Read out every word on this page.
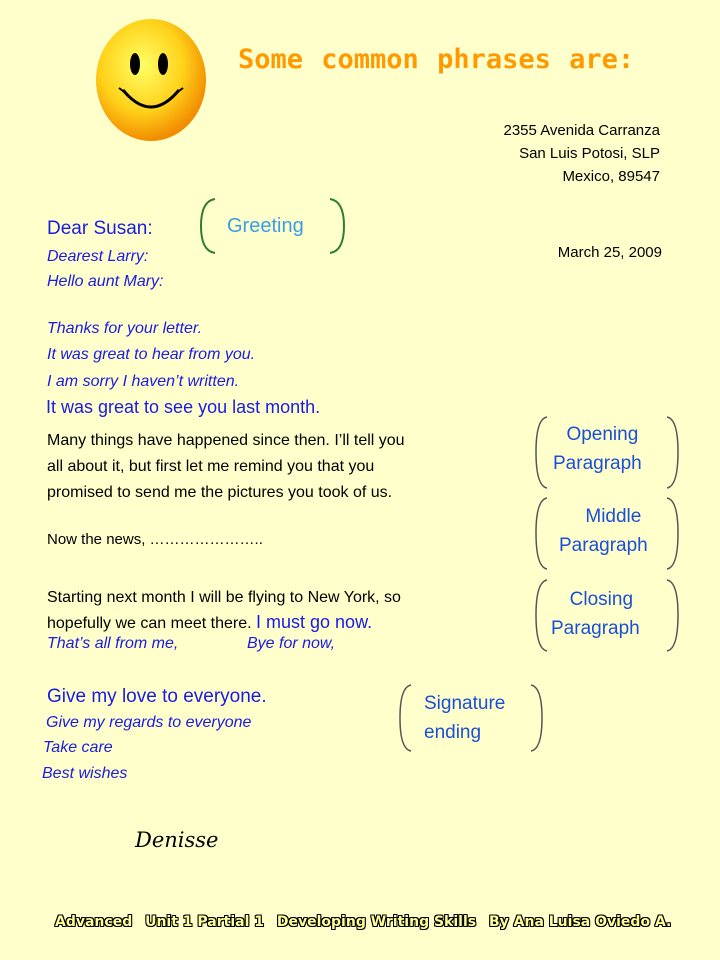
Some common phrases are:
2355 Avenida Carranza
San Luis Potosi, SLP
Mexico, 89547
March 25, 2009
Dear Susan:
Dearest Larry:
Hello aunt Mary:
Greeting
Thanks for your letter.
It was great to hear from you.
I am sorry I haven’t written.
It was great to see you last month.
Many things have happened since then. I’ll tell you
all about it, but first let me remind you that you
promised to send me the pictures you took of us.
Now the news, …………………..
Starting next month I will be flying to New York, so
hopefully we can meet there. I must go now.
That’s all from me,	Bye for now,
Opening
Paragraph
Middle
Paragraph
Closing
Paragraph
Give my love to everyone.
Give my regards to everyone
Take care
Best wishes
Signature
ending
Denisse
Advanced Unit 1 Partial 1 Developing Writing Skills By Ana Luisa Oviedo A.
